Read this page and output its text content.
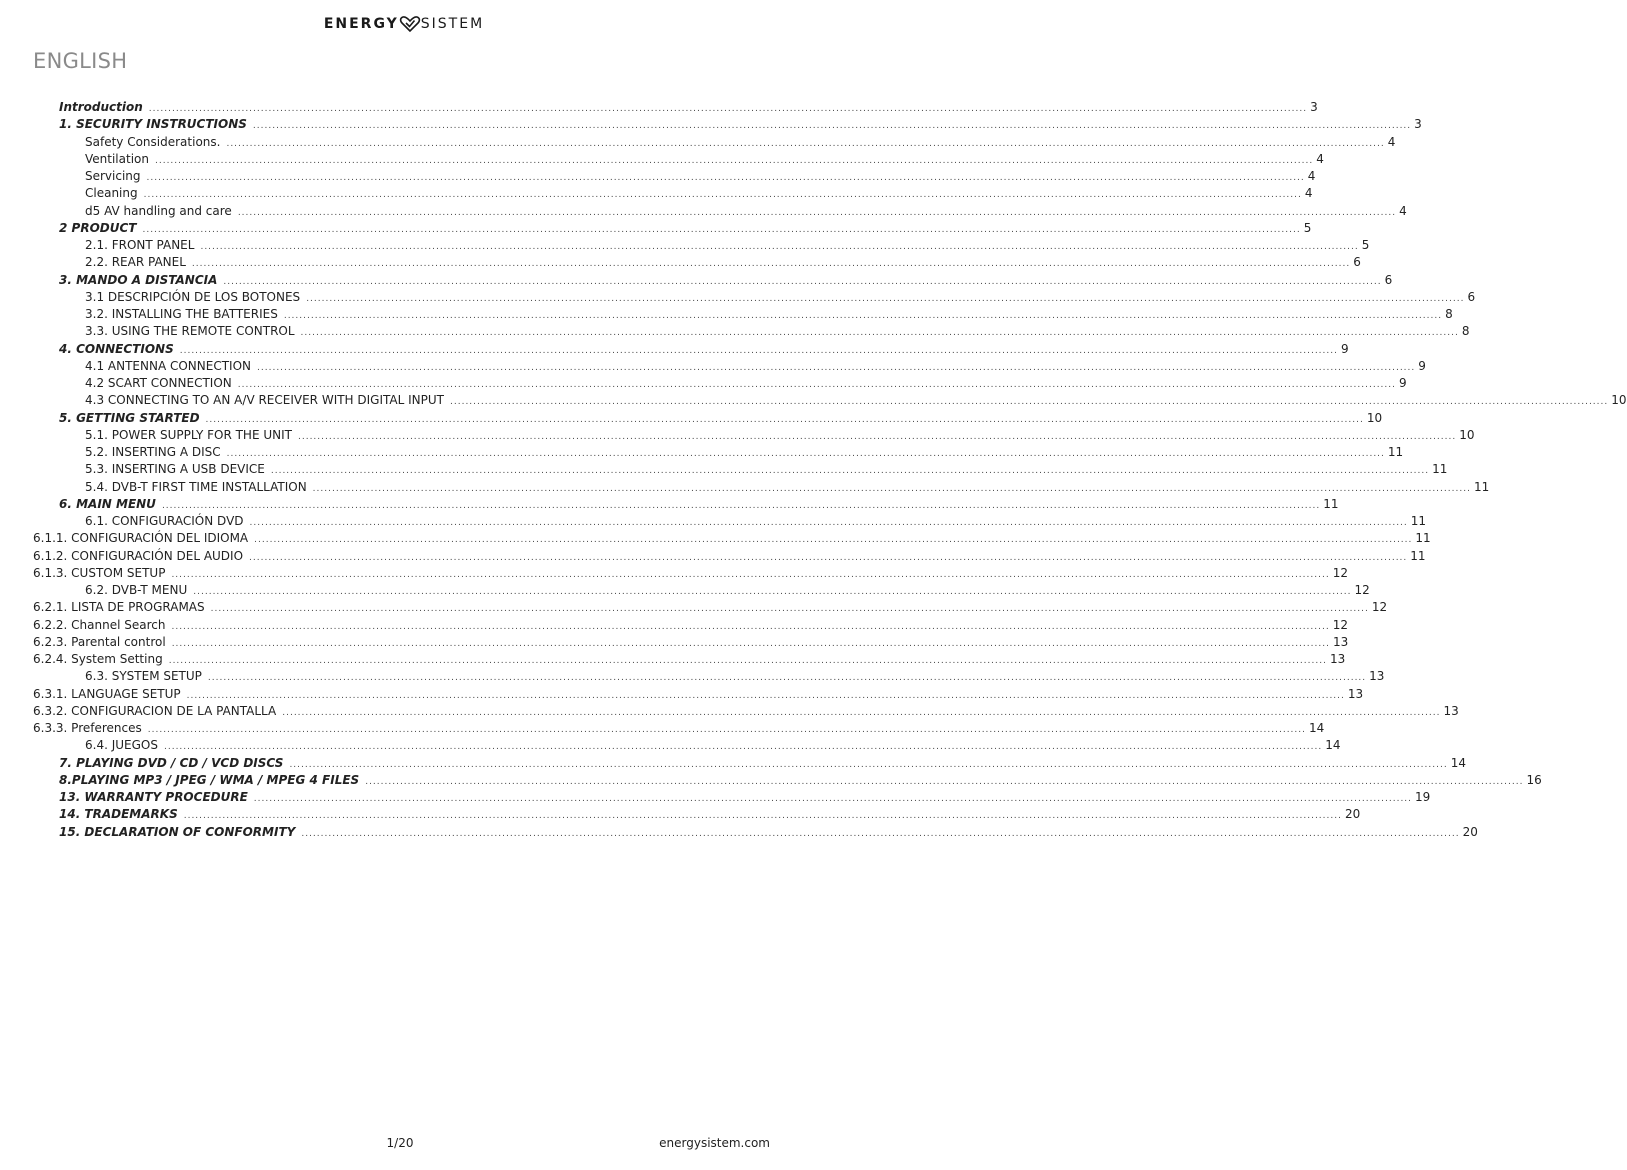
ENERGY SISTEM
ENGLISH
Introduction ............................................................................................................................................................................................................................................................................................................ 3
1. SECURITY INSTRUCTIONS ............................................................................................................................................................................................................................................................................................................ 3
Safety Considerations. ............................................................................................................................................................................................................................................................................................................ 4
Ventilation ............................................................................................................................................................................................................................................................................................................ 4
Servicing ............................................................................................................................................................................................................................................................................................................ 4
Cleaning ............................................................................................................................................................................................................................................................................................................ 4
d5 AV handling and care ............................................................................................................................................................................................................................................................................................................ 4
2 PRODUCT ............................................................................................................................................................................................................................................................................................................ 5
2.1. FRONT PANEL ............................................................................................................................................................................................................................................................................................................ 5
2.2. REAR PANEL ............................................................................................................................................................................................................................................................................................................ 6
3. MANDO A DISTANCIA ............................................................................................................................................................................................................................................................................................................ 6
3.1 DESCRIPCIÓN DE LOS BOTONES ............................................................................................................................................................................................................................................................................................................ 6
3.2. INSTALLING THE BATTERIES ............................................................................................................................................................................................................................................................................................................ 8
3.3. USING THE REMOTE CONTROL ............................................................................................................................................................................................................................................................................................................ 8
4. CONNECTIONS ............................................................................................................................................................................................................................................................................................................ 9
4.1 ANTENNA CONNECTION ............................................................................................................................................................................................................................................................................................................ 9
4.2 SCART CONNECTION ............................................................................................................................................................................................................................................................................................................ 9
4.3 CONNECTING TO AN A/V RECEIVER WITH DIGITAL INPUT ............................................................................................................................................................................................................................................................................................................ 10
5. GETTING STARTED ............................................................................................................................................................................................................................................................................................................ 10
5.1. POWER SUPPLY FOR THE UNIT ............................................................................................................................................................................................................................................................................................................ 10
5.2. INSERTING A DISC ............................................................................................................................................................................................................................................................................................................ 11
5.3. INSERTING A USB DEVICE ............................................................................................................................................................................................................................................................................................................ 11
5.4. DVB-T FIRST TIME INSTALLATION ............................................................................................................................................................................................................................................................................................................ 11
6. MAIN MENU ............................................................................................................................................................................................................................................................................................................ 11
6.1. CONFIGURACIÓN DVD ............................................................................................................................................................................................................................................................................................................ 11
6.1.1. CONFIGURACIÓN DEL IDIOMA ............................................................................................................................................................................................................................................................................................................ 11
6.1.2. CONFIGURACIÓN DEL AUDIO ............................................................................................................................................................................................................................................................................................................ 11
6.1.3. CUSTOM SETUP ............................................................................................................................................................................................................................................................................................................ 12
6.2. DVB-T MENU ............................................................................................................................................................................................................................................................................................................ 12
6.2.1. LISTA DE PROGRAMAS ............................................................................................................................................................................................................................................................................................................ 12
6.2.2. Channel Search ............................................................................................................................................................................................................................................................................................................ 12
6.2.3. Parental control ............................................................................................................................................................................................................................................................................................................ 13
6.2.4. System Setting ............................................................................................................................................................................................................................................................................................................ 13
6.3. SYSTEM SETUP ............................................................................................................................................................................................................................................................................................................ 13
6.3.1. LANGUAGE SETUP ............................................................................................................................................................................................................................................................................................................ 13
6.3.2. CONFIGURACION DE LA PANTALLA ............................................................................................................................................................................................................................................................................................................ 13
6.3.3. Preferences ............................................................................................................................................................................................................................................................................................................ 14
6.4. JUEGOS ............................................................................................................................................................................................................................................................................................................ 14
7. PLAYING DVD / CD / VCD DISCS ............................................................................................................................................................................................................................................................................................................ 14
8.PLAYING MP3 / JPEG / WMA / MPEG 4 FILES ............................................................................................................................................................................................................................................................................................................ 16
13. WARRANTY PROCEDURE ............................................................................................................................................................................................................................................................................................................ 19
14. TRADEMARKS ............................................................................................................................................................................................................................................................................................................ 20
15. DECLARATION OF CONFORMITY ............................................................................................................................................................................................................................................................................................................ 20
1/20	energysistem.com
